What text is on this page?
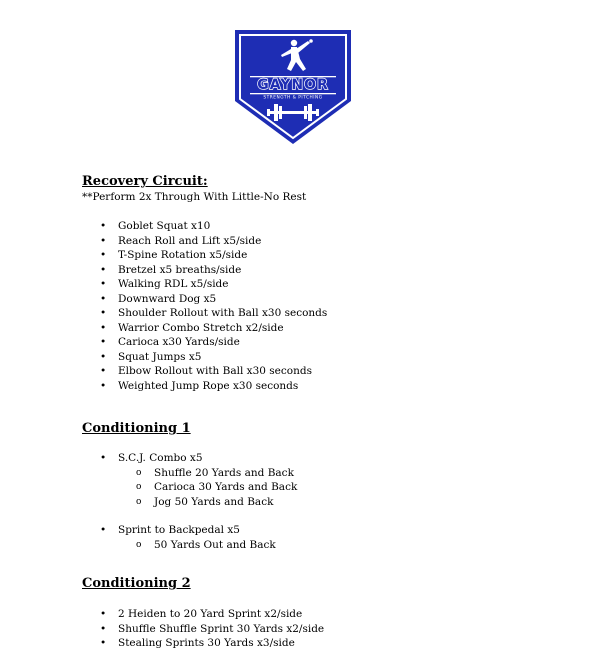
GAYNOR
STRENGTH & PITCHING

Recovery Circuit:

**Perform 2x Through With Little-No Rest

• Goblet Squat x10
• Reach Roll and Lift x5/side
• T-Spine Rotation x5/side
• Bretzel x5 breaths/side
• Walking RDL x5/side
• Downward Dog x5
• Shoulder Rollout with Ball x30 seconds
• Warrior Combo Stretch x2/side
• Carioca x30 Yards/side
• Squat Jumps x5
• Elbow Rollout with Ball x30 seconds
• Weighted Jump Rope x30 seconds

Conditioning 1

• S.C.J. Combo x5
o Shuffle 20 Yards and Back
o Carioca 30 Yards and Back
o Jog 50 Yards and Back
• Sprint to Backpedal x5
o 50 Yards Out and Back

Conditioning 2

• 2 Heiden to 20 Yard Sprint x2/side
• Shuffle Shuffle Sprint 30 Yards x2/side
• Stealing Sprints 30 Yards x3/side
